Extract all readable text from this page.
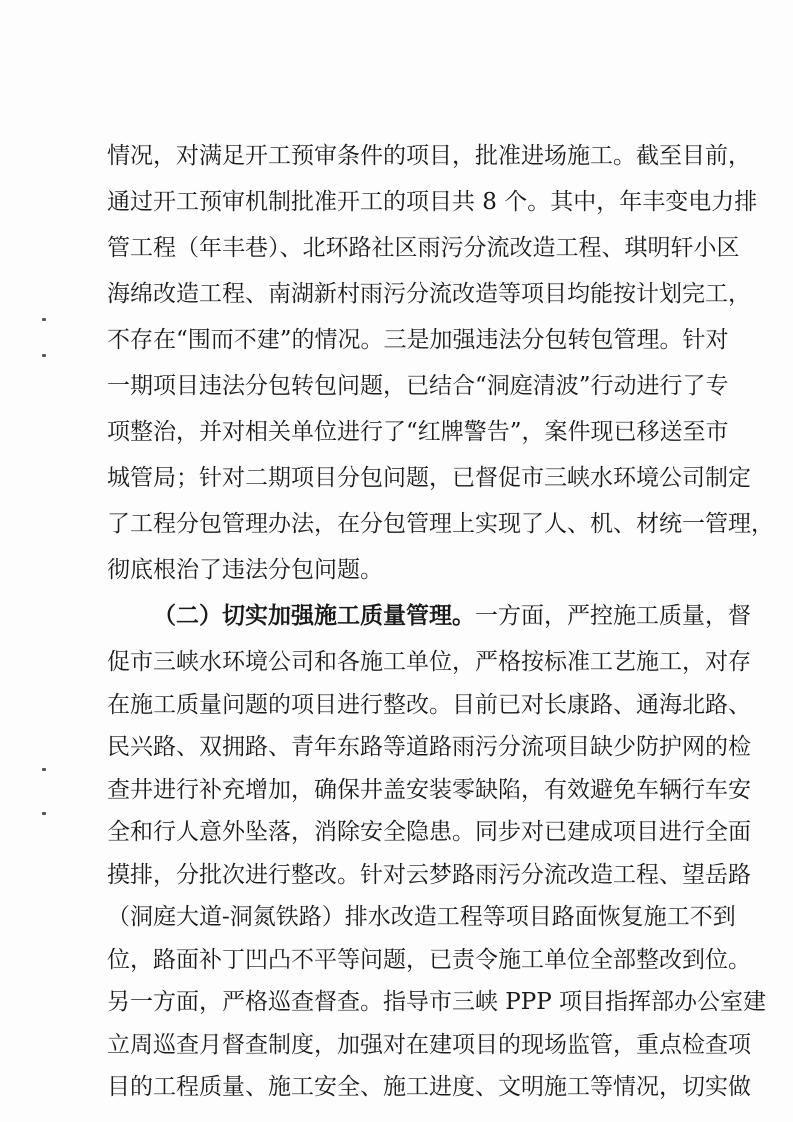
情况，对满足开工预审条件的项目，批准进场施工。截至目前，
通过开工预审机制批准开工的项目共 8 个。其中，年丰变电力排
管工程（年丰巷）、北环路社区雨污分流改造工程、琪明轩小区
海绵改造工程、南湖新村雨污分流改造等项目均能按计划完工，
不存在“围而不建”的情况。三是加强违法分包转包管理。针对
一期项目违法分包转包问题，已结合“洞庭清波”行动进行了专
项整治，并对相关单位进行了“红牌警告”，案件现已移送至市
城管局；针对二期项目分包问题，已督促市三峡水环境公司制定
了工程分包管理办法，在分包管理上实现了人、机、材统一管理，
彻底根治了违法分包问题。
（二）切实加强施工质量管理。一方面，严控施工质量，督
促市三峡水环境公司和各施工单位，严格按标准工艺施工，对存
在施工质量问题的项目进行整改。目前已对长康路、通海北路、
民兴路、双拥路、青年东路等道路雨污分流项目缺少防护网的检
查井进行补充增加，确保井盖安装零缺陷，有效避免车辆行车安
全和行人意外坠落，消除安全隐患。同步对已建成项目进行全面
摸排，分批次进行整改。针对云梦路雨污分流改造工程、望岳路
（洞庭大道-洞氮铁路）排水改造工程等项目路面恢复施工不到
位，路面补丁凹凸不平等问题，已责令施工单位全部整改到位。
另一方面，严格巡查督查。指导市三峡 PPP 项目指挥部办公室建
立周巡查月督查制度，加强对在建项目的现场监管，重点检查项
目的工程质量、施工安全、施工进度、文明施工等情况，切实做
